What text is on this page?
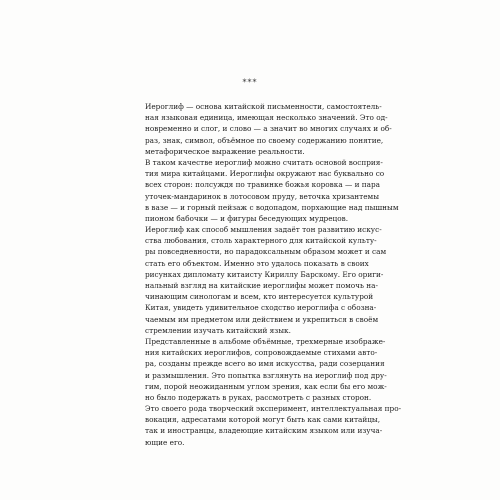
***
Иероглиф — основа китайской письменности, самостоятель-
ная языковая единица, имеющая несколько значений. Это од-
новременно и слог, и слово — а значит во многих случаях и об-
раз, знак, символ, объёмное по своему содержанию понятие,
метафорическое выражение реальности.
В таком качестве иероглиф можно считать основой восприя-
тия мира китайцами. Иероглифы окружают нас буквально со
всех сторон: полсуждя по травинке божья коровка — и пара
уточек-мандаринок в лотосовом пруду, веточка хризантемы
в вазе — и горный пейзаж с водопадом, порхающие над пышным
пионом бабочки — и фигуры беседующих мудрецов.
Иероглиф как способ мышления задаёт тон развитию искус-
ства любования, столь характерного для китайской культу-
ры повседневности, но парадоксальным образом может и сам
стать его объектом. Именно это удалось показать в своих
рисунках дипломату китаисту Кириллу Барскому. Его ориги-
нальный взгляд на китайские иероглифы может помочь на-
чинающим синологам и всем, кто интересуется культурой
Китая, увидеть удивительное сходство иероглифа с обозна-
чаемым им предметом или действием и укрепиться в своём
стремлении изучать китайский язык.
Представленные в альбоме объёмные, трехмерные изображе-
ния китайских иероглифов, сопровождаемые стихами авто-
ра, созданы прежде всего во имя искусства, ради созерцания
и размышления. Это попытка взглянуть на иероглиф под дру-
гим, порой неожиданным углом зрения, как если бы его мож-
но было подержать в руках, рассмотреть с разных сторон.
Это своего рода творческий эксперимент, интеллектуальная про-
вокация, адресатами которой могут быть как сами китайцы,
так и иностранцы, владеющие китайским языком или изуча-
ющие его.
